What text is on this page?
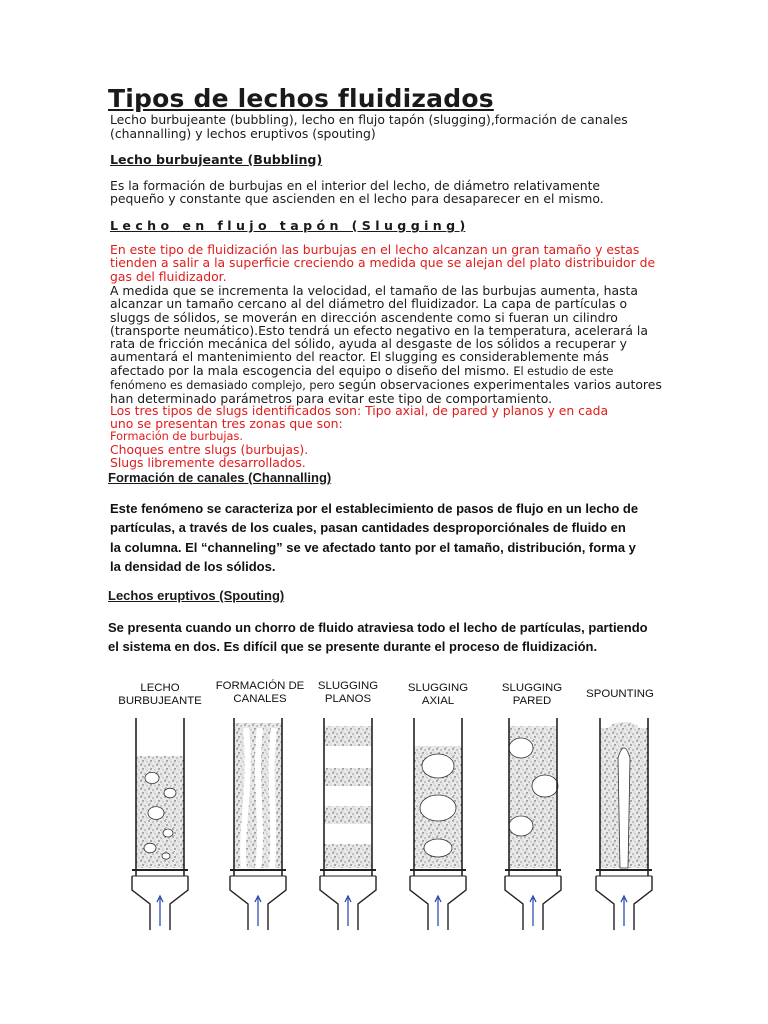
Tipos de lechos fluidizados
Lecho burbujeante (bubbling), lecho en flujo tapón (slugging),formación de canales (channalling) y lechos eruptivos (spouting)
Lecho burbujeante (Bubbling)
Es la formación de burbujas en el interior del lecho, de diámetro relativamente pequeño y constante que ascienden en el lecho para desaparecer en el mismo.
L e c h o   e n   f l u j o   t a p ó n   ( S l u g g i n g )
En este tipo de fluidización las burbujas en el lecho alcanzan un gran tamaño y estas tienden a salir a la superficie creciendo a medida que se alejan del plato distribuidor de gas del fluidizador.
A medida que se incrementa la velocidad, el tamaño de las burbujas aumenta, hasta alcanzar un tamaño cercano al del diámetro del fluidizador. La capa de partículas o sluggs de sólidos, se moverán en dirección ascendente como si fueran un cilindro (transporte neumático).Esto tendrá un efecto negativo en la temperatura, acelerará la rata de fricción mecánica del sólido, ayuda al desgaste de los sólidos a recuperar y aumentará el mantenimiento del reactor. El slugging es considerablemente más afectado por la mala escogencia del equipo o diseño del mismo. El estudio de este fenómeno es demasiado complejo, pero según observaciones experimentales varios autores han determinado parámetros para evitar este tipo de comportamiento.
Los tres tipos de slugs identificados son: Tipo axial, de pared y planos y en cada uno se presentan tres zonas que son:
Formación de burbujas.
Choques entre slugs (burbujas).
Slugs libremente desarrollados.
Formación de canales (Channalling)
Este fenómeno se caracteriza por el establecimiento de pasos de flujo en un lecho de partículas, a través de los cuales, pasan cantidades desproporciónales de fluido en la columna. El “channeling” se ve afectado tanto por el tamaño, distribución, forma y la densidad de los sólidos.
Lechos eruptivos (Spouting)
Se presenta cuando un chorro de fluido atraviesa todo el lecho de partículas, partiendo el sistema en dos. Es difícil que se presente durante el proceso de fluidización.
LECHO
BURBUJEANTE
FORMACIÓN DE
CANALES
SLUGGING
PLANOS
SLUGGING
AXIAL
SLUGGING
PARED
SPOUNTING
